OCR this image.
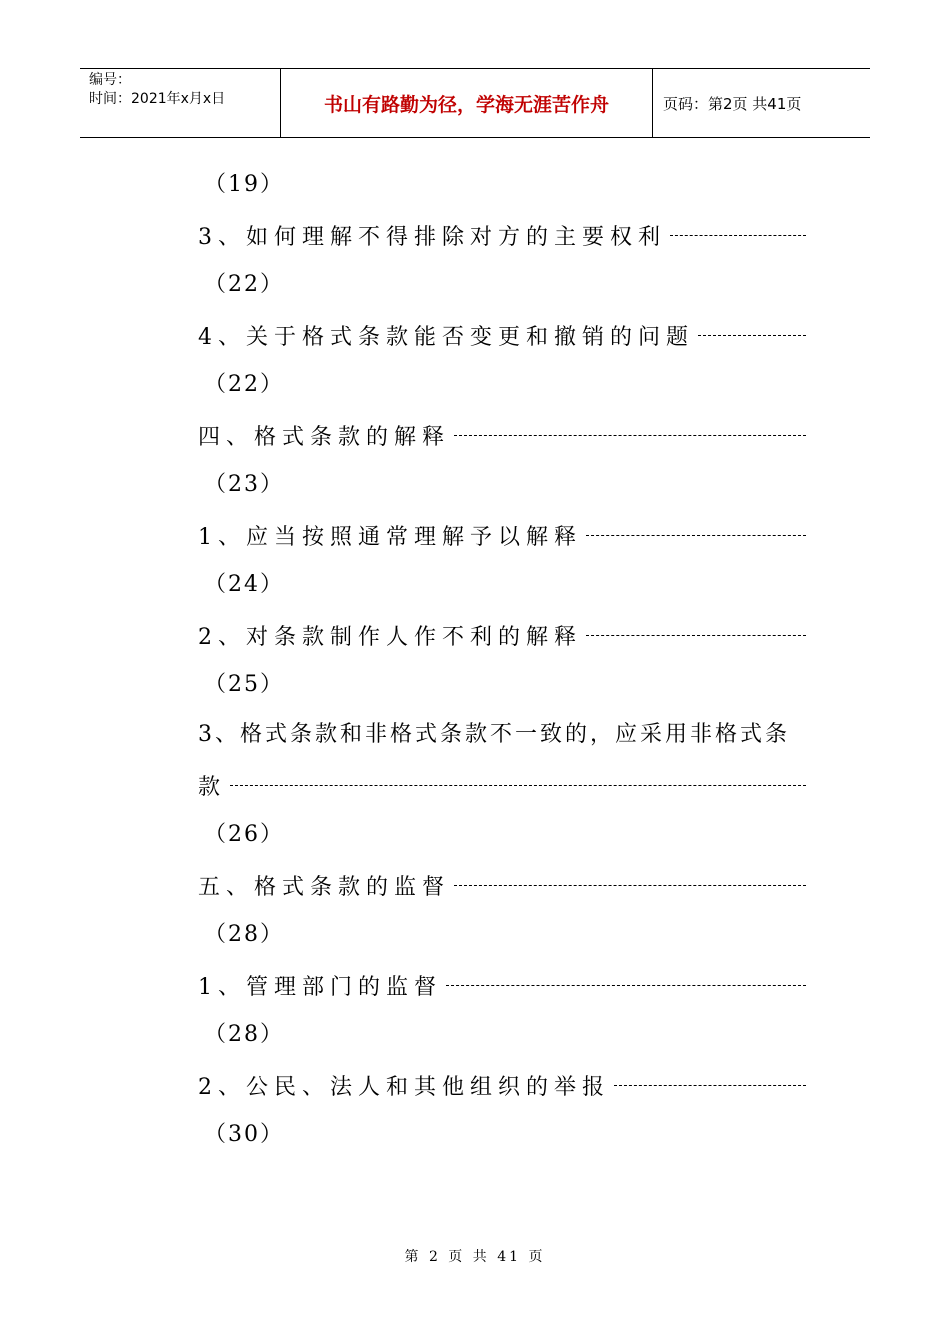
编号：
时间：2021年x月x日	书山有路勤为径，学海无涯苦作舟	页码：第2页 共41页
（19）
3、如何理解不得排除对方的主要权利
（22）
4、关于格式条款能否变更和撤销的问题
（22）
四、格式条款的解释
（23）
1、应当按照通常理解予以解释
（24）
2、对条款制作人作不利的解释
（25）
3、格式条款和非格式条款不一致的，应采用非格式条
款
（26）
五、格式条款的监督
（28）
1、管理部门的监督
（28）
2、公民、法人和其他组织的举报
（30）
第 2 页 共 41 页
